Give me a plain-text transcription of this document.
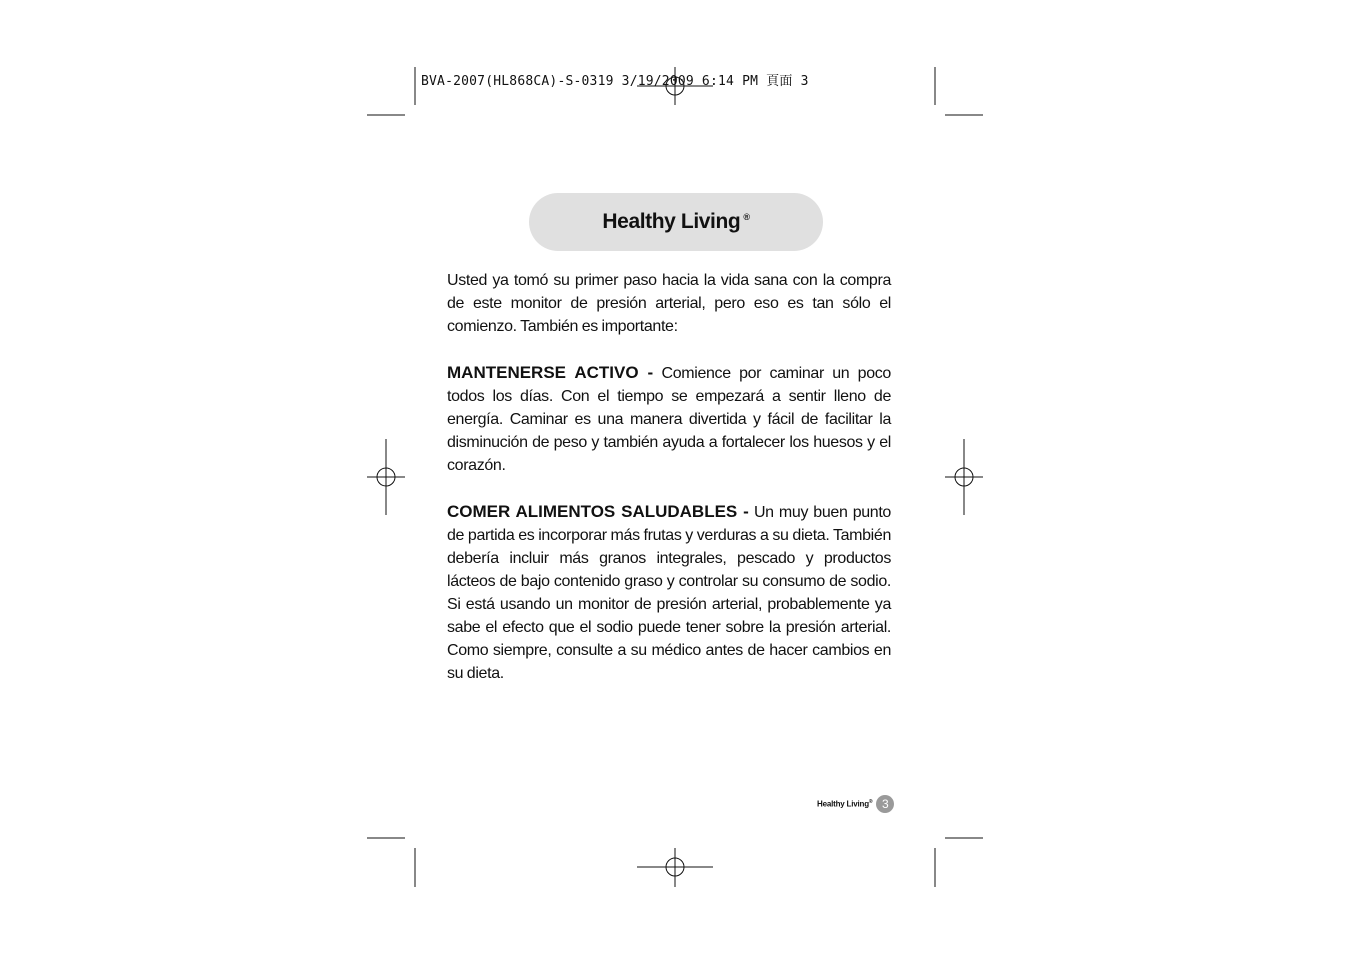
BVA-2007(HL868CA)-S-0319 3/19/2009 6:14 PM 頁面 3
Healthy Living ®

Usted ya tomó su primer paso hacia la vida sana con la compra de este monitor de presión arterial, pero eso es tan sólo el comienzo. También es importante:

MANTENERSE ACTIVO - Comience por caminar un poco todos los días. Con el tiempo se empezará a sentir lleno de energía. Caminar es una manera divertida y fácil de facilitar la disminución de peso y también ayuda a fortalecer los huesos y el corazón.

COMER ALIMENTOS SALUDABLES - Un muy buen punto de partida es incorporar más frutas y verduras a su dieta. También debería incluir más granos integrales, pescado y productos lácteos de bajo contenido graso y controlar su consumo de sodio. Si está usando un monitor de presión arterial, probablemente ya sabe el efecto que el sodio puede tener sobre la presión arterial. Como siempre, consulte a su médico antes de hacer cambios en su dieta.

Healthy Living® 3
